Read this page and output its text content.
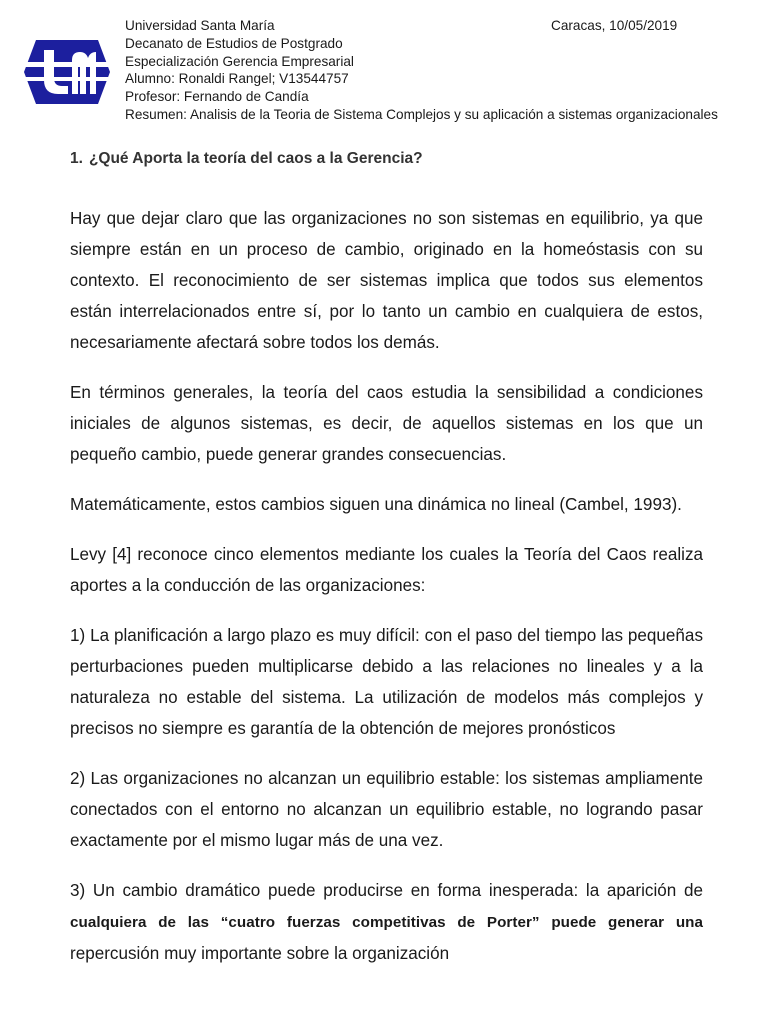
Universidad Santa María
Decanato de Estudios de Postgrado
Especialización Gerencia Empresarial
Alumno: Ronaldi Rangel; V13544757
Profesor: Fernando de Candía
Resumen: Analisis de la Teoria de Sistema Complejos y su aplicación a sistemas organizacionales
Caracas, 10/05/2019
1. ¿Qué Aporta la teoría del caos a la Gerencia?

Hay que dejar claro que las organizaciones no son sistemas en equilibrio, ya que siempre están en un proceso de cambio, originado en la homeóstasis con su contexto. El reconocimiento de ser sistemas implica que todos sus elementos están interrelacionados entre sí, por lo tanto un cambio en cualquiera de estos, necesariamente afectará sobre todos los demás.

En términos generales, la teoría del caos estudia la sensibilidad a condiciones iniciales de algunos sistemas, es decir, de aquellos sistemas en los que un pequeño cambio, puede generar grandes consecuencias.

Matemáticamente, estos cambios siguen una dinámica no lineal (Cambel, 1993).

Levy [4] reconoce cinco elementos mediante los cuales la Teoría del Caos realiza aportes a la conducción de las organizaciones:

1) La planificación a largo plazo es muy difícil: con el paso del tiempo las pequeñas perturbaciones pueden multiplicarse debido a las relaciones no lineales y a la naturaleza no estable del sistema. La utilización de modelos más complejos y precisos no siempre es garantía de la obtención de mejores pronósticos

2) Las organizaciones no alcanzan un equilibrio estable: los sistemas ampliamente conectados con el entorno no alcanzan un equilibrio estable, no logrando pasar exactamente por el mismo lugar más de una vez.

3) Un cambio dramático puede producirse en forma inesperada: la aparición de cualquiera de las “cuatro fuerzas competitivas de Porter” puede generar una repercusión muy importante sobre la organización
